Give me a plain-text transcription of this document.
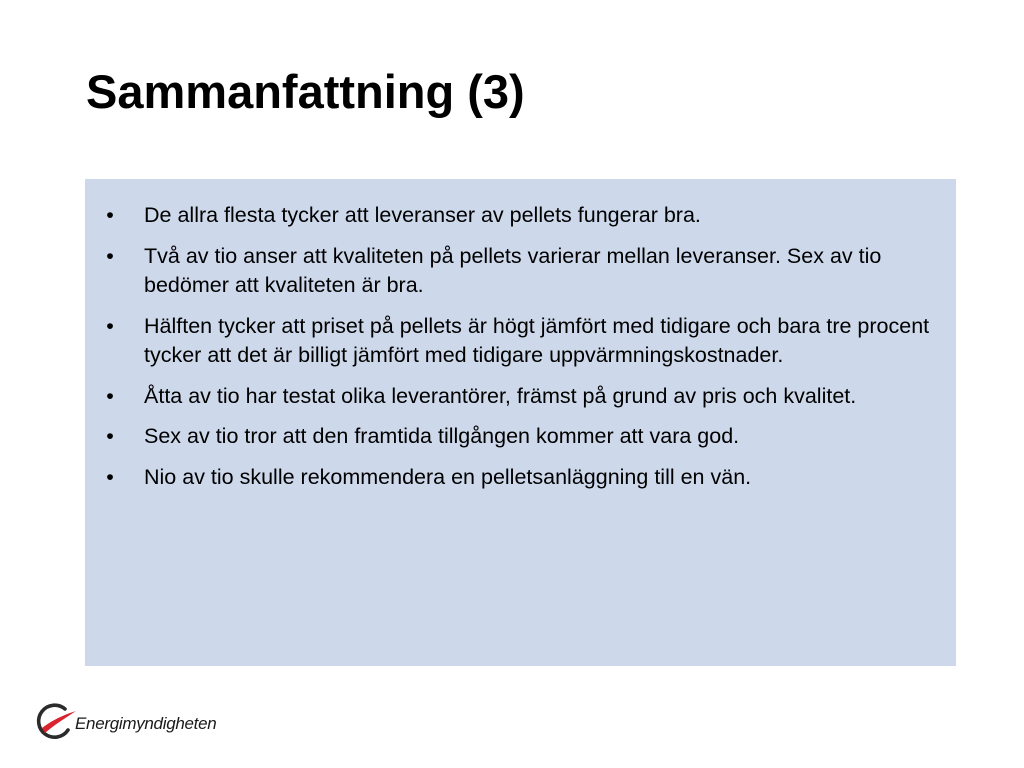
Sammanfattning (3)
• De allra flesta tycker att leveranser av pellets fungerar bra.
• Två av tio anser att kvaliteten på pellets varierar mellan leveranser. Sex av tio bedömer att kvaliteten är bra.
• Hälften tycker att priset på pellets är högt jämfört med tidigare och bara tre procent tycker att det är billigt jämfört med tidigare uppvärmningskostnader.
• Åtta av tio har testat olika leverantörer, främst på grund av pris och kvalitet.
• Sex av tio tror att den framtida tillgången kommer att vara god.
• Nio av tio skulle rekommendera en pelletsanläggning till en vän.
Energimyndigheten
